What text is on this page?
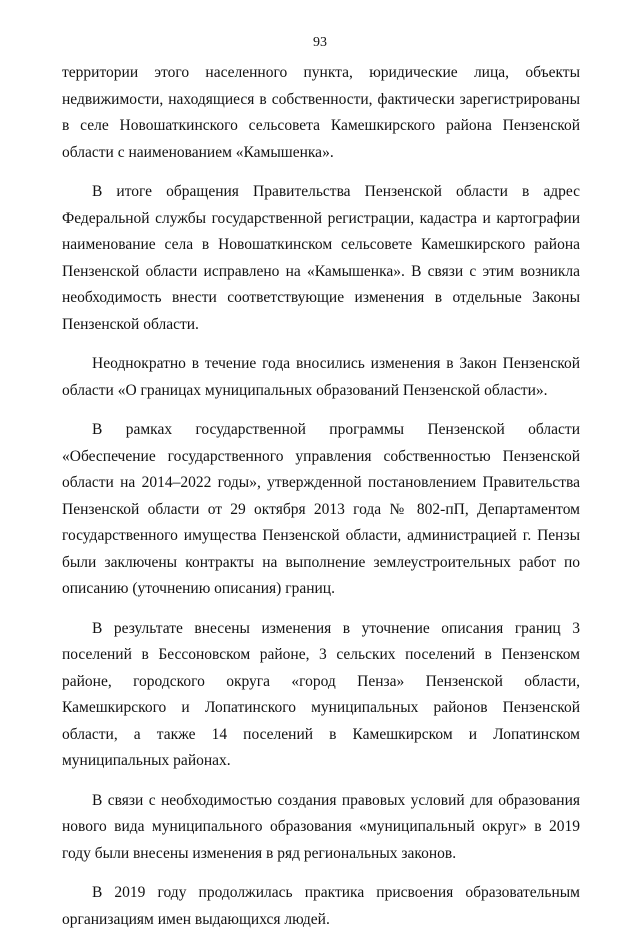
93

территории этого населенного пункта, юридические лица, объекты недвижимости, находящиеся в собственности, фактически зарегистрированы в селе Новошаткинского сельсовета Камешкирского района Пензенской области с наименованием «Камышенка».

В итоге обращения Правительства Пензенской области в адрес Федеральной службы государственной регистрации, кадастра и картографии наименование села в Новошаткинском сельсовете Камешкирского района Пензенской области исправлено на «Камышенка». В связи с этим возникла необходимость внести соответствующие изменения в отдельные Законы Пензенской области.

Неоднократно в течение года вносились изменения в Закон Пензенской области «О границах муниципальных образований Пензенской области».

В рамках государственной программы Пензенской области «Обеспечение государственного управления собственностью Пензенской области на 2014–2022 годы», утвержденной постановлением Правительства Пензенской области от 29 октября 2013 года № 802-пП, Департаментом государственного имущества Пензенской области, администрацией г. Пензы были заключены контракты на выполнение землеустроительных работ по описанию (уточнению описания) границ.

В результате внесены изменения в уточнение описания границ 3 поселений в Бессоновском районе, 3 сельских поселений в Пензенском районе, городского округа «город Пенза» Пензенской области, Камешкирского и Лопатинского муниципальных районов Пензенской области, а также 14 поселений в Камешкирском и Лопатинском муниципальных районах.

В связи с необходимостью создания правовых условий для образования нового вида муниципального образования «муниципальный округ» в 2019 году были внесены изменения в ряд региональных законов.

В 2019 году продолжилась практика присвоения образовательным организациям имен выдающихся людей.
